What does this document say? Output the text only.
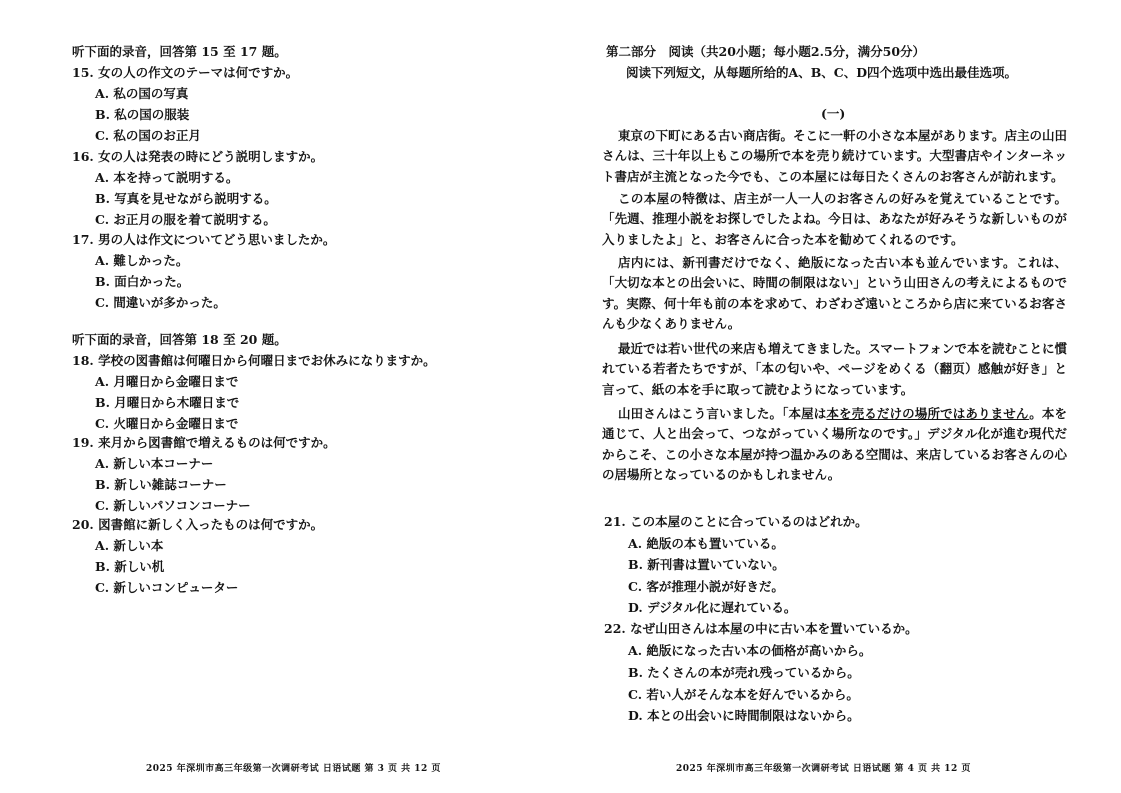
听下面的录音，回答第 15 至 17 题。
15. 女の人の作文のテーマは何ですか。
A. 私の国の写真
B. 私の国の服装
C. 私の国のお正月
16. 女の人は発表の時にどう説明しますか。
A. 本を持って説明する。
B. 写真を見せながら説明する。
C. お正月の服を着て説明する。
17. 男の人は作文についてどう思いましたか。
A. 難しかった。
B. 面白かった。
C. 間違いが多かった。
听下面的录音，回答第 18 至 20 题。
18. 学校の図書館は何曜日から何曜日までお休みになりますか。
A. 月曜日から金曜日まで
B. 月曜日から木曜日まで
C. 火曜日から金曜日まで
19. 来月から図書館で増えるものは何ですか。
A. 新しい本コーナー
B. 新しい雑誌コーナー
C. 新しいパソコンコーナー
20. 図書館に新しく入ったものは何ですか。
A. 新しい本
B. 新しい机
C. 新しいコンピューター
2025 年深圳市高三年级第一次调研考试 日语试题 第 3 页 共 12 页
第二部分　阅读（共20小题；每小题2.5分，满分50分）
阅读下列短文，从每题所给的A、B、C、D四个选项中选出最佳选项。
(一)
東京の下町にある古い商店街。そこに一軒の小さな本屋があります。店主の山田さんは、三十年以上もこの場所で本を売り続けています。大型書店やインターネット書店が主流となった今でも、この本屋には毎日たくさんのお客さんが訪れます。
この本屋の特徴は、店主が一人一人のお客さんの好みを覚えていることです。「先週、推理小説をお探しでしたよね。今日は、あなたが好みそうな新しいものが入りましたよ」と、お客さんに合った本を勧めてくれるのです。
店内には、新刊書だけでなく、絶版になった古い本も並んでいます。これは、「大切な本との出会いに、時間の制限はない」という山田さんの考えによるものです。実際、何十年も前の本を求めて、わざわざ遠いところから店に来ているお客さんも少なくありません。
最近では若い世代の来店も増えてきました。スマートフォンで本を読むことに慣れている若者たちですが、「本の匂いや、ページをめくる（翻页）感触が好き」と言って、紙の本を手に取って読むようになっています。
山田さんはこう言いました。「本屋は本を売るだけの場所ではありません。本を通じて、人と出会って、つながっていく場所なのです。」デジタル化が進む現代だからこそ、この小さな本屋が持つ温かみのある空間は、来店しているお客さんの心の居場所となっているのかもしれません。
21. この本屋のことに合っているのはどれか。
A. 絶版の本も置いている。
B. 新刊書は置いていない。
C. 客が推理小説が好きだ。
D. デジタル化に遅れている。
22. なぜ山田さんは本屋の中に古い本を置いているか。
A. 絶版になった古い本の価格が高いから。
B. たくさんの本が売れ残っているから。
C. 若い人がそんな本を好んでいるから。
D. 本との出会いに時間制限はないから。
2025 年深圳市高三年级第一次调研考试 日语试题 第 4 页 共 12 页
